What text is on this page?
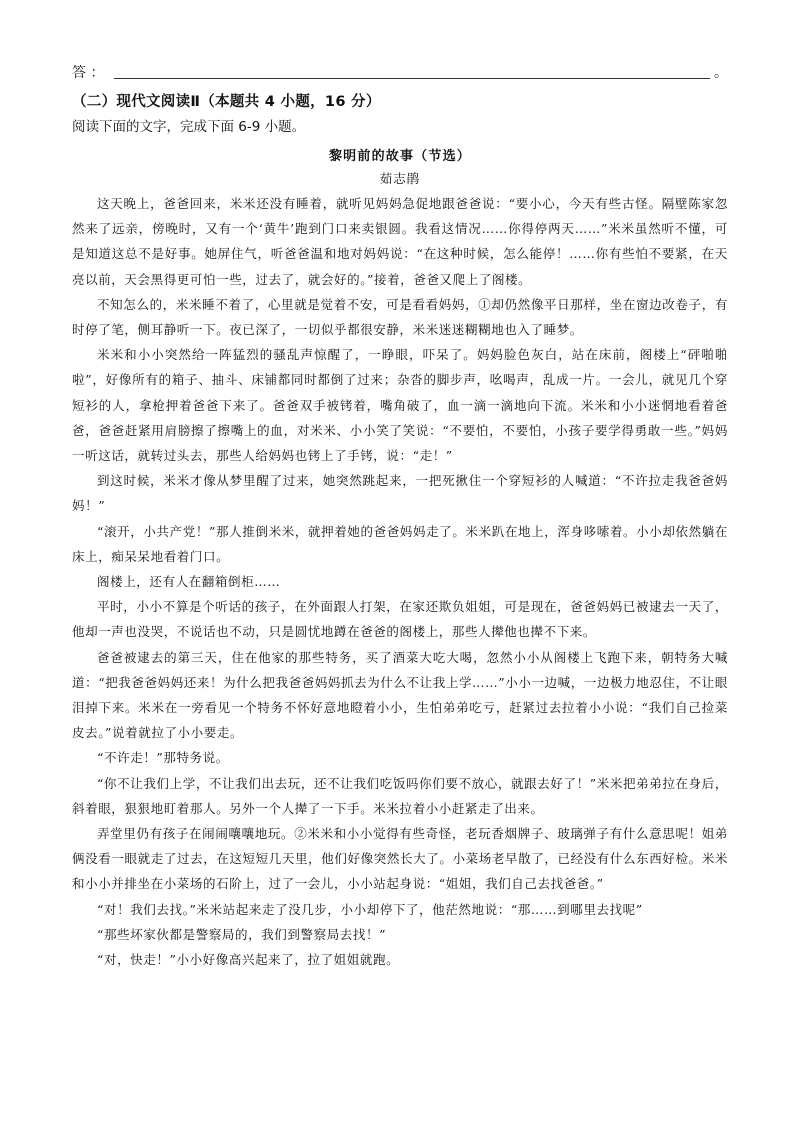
答 ：	。
（二）现代文阅读Ⅱ（本题共 4 小题，16 分）
阅读下面的文字，完成下面 6-9 小题。
黎明前的故事（节选）
茹志鹃

这天晚上，爸爸回来，米米还没有睡着，就听见妈妈急促地跟爸爸说：“要小心，今天有些古怪。隔壁陈家忽然来了远亲，傍晚时，又有一个‘黄牛’跑到门口来卖银圆。我看这情况……你得停两天……”米米虽然听不懂，可是知道这总不是好事。她屏住气，听爸爸温和地对妈妈说：“在这种时候，怎么能停！……你有些怕不要紧，在天亮以前，天会黑得更可怕一些，过去了，就会好的。”接着，爸爸又爬上了阁楼。

不知怎么的，米米睡不着了，心里就是觉着不安，可是看看妈妈，①却仍然像平日那样，坐在窗边改卷子，有时停了笔，侧耳静听一下。夜已深了，一切似乎都很安静，米米迷迷糊糊地也入了睡梦。

米米和小小突然给一阵猛烈的骚乱声惊醒了，一睁眼，吓呆了。妈妈脸色灰白，站在床前，阁楼上“砰啪啪啦”，好像所有的箱子、抽斗、床铺都同时都倒了过来；杂沓的脚步声，吆喝声，乱成一片。一会儿，就见几个穿短衫的人，拿枪押着爸爸下来了。爸爸双手被铐着，嘴角破了，血一滴一滴地向下流。米米和小小迷惘地看着爸爸，爸爸赶紧用肩膀擦了擦嘴上的血，对米米、小小笑了笑说：“不要怕，不要怕，小孩子要学得勇敢一些。”妈妈一听这话，就转过头去，那些人给妈妈也铐上了手铐，说：“走！”

到这时候，米米才像从梦里醒了过来，她突然跳起来，一把死揪住一个穿短衫的人喊道：“不许拉走我爸爸妈妈！”

“滚开，小共产党！”那人推倒米米，就押着她的爸爸妈妈走了。米米趴在地上，浑身哆嗦着。小小却依然躺在床上，痴呆呆地看着门口。

阁楼上，还有人在翻箱倒柜……

平时，小小不算是个听话的孩子，在外面跟人打架，在家还欺负姐姐，可是现在，爸爸妈妈已被逮去一天了，他却一声也没哭，不说话也不动，只是圆忧地蹲在爸爸的阁楼上，那些人撵他也撵不下来。

爸爸被逮去的第三天，住在他家的那些特务，买了酒菜大吃大喝，忽然小小从阁楼上飞跑下来，朝特务大喊道：“把我爸爸妈妈还来！为什么把我爸爸妈妈抓去为什么不让我上学……”小小一边喊，一边极力地忍住，不让眼泪掉下来。米米在一旁看见一个特务不怀好意地瞪着小小，生怕弟弟吃亏，赶紧过去拉着小小说：“我们自己捡菜皮去。”说着就拉了小小要走。

“不许走！”那特务说。

“你不让我们上学，不让我们出去玩，还不让我们吃饭吗你们要不放心，就跟去好了！”米米把弟弟拉在身后，斜着眼，狠狠地盯着那人。另外一个人撵了一下手。米米拉着小小赶紧走了出来。

弄堂里仍有孩子在闹闹嚷嚷地玩。②米米和小小觉得有些奇怪，老玩香烟牌子、玻璃弹子有什么意思呢！姐弟俩没看一眼就走了过去，在这短短几天里，他们好像突然长大了。小菜场老早散了，已经没有什么东西好检。米米和小小并排坐在小菜场的石阶上，过了一会儿，小小站起身说：“姐姐，我们自己去找爸爸。”

“对！我们去找。”米米站起来走了没几步，小小却停下了，他茫然地说：“那……到哪里去找呢”

“那些坏家伙都是警察局的，我们到警察局去找！”

“对，快走！”小小好像高兴起来了，拉了姐姐就跑。
